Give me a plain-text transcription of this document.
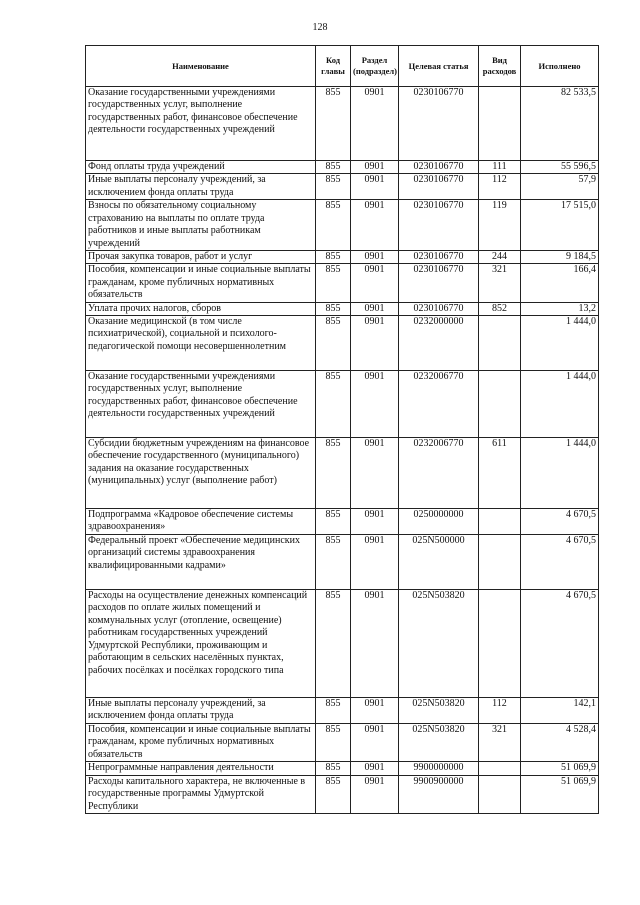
128
Наименование	Код главы	Раздел (подраздел)	Целевая статья	Вид расходов	Исполнено
Оказание государственными учреждениями государственных услуг, выполнение государственных работ, финансовое обеспечение деятельности государственных учреждений	855	0901	0230106770		82 533,5
Фонд оплаты труда учреждений	855	0901	0230106770	111	55 596,5
Иные выплаты персоналу учреждений, за исключением фонда оплаты труда	855	0901	0230106770	112	57,9
Взносы по обязательному социальному страхованию на выплаты по оплате труда работников и иные выплаты работникам учреждений	855	0901	0230106770	119	17 515,0
Прочая закупка товаров, работ и услуг	855	0901	0230106770	244	9 184,5
Пособия, компенсации и иные социальные выплаты гражданам, кроме публичных нормативных обязательств	855	0901	0230106770	321	166,4
Уплата прочих налогов, сборов	855	0901	0230106770	852	13,2
Оказание медицинской (в том числе психиатрической), социальной и психолого-педагогической помощи несовершеннолетним	855	0901	0232000000		1 444,0
Оказание государственными учреждениями государственных услуг, выполнение государственных работ, финансовое обеспечение деятельности государственных учреждений	855	0901	0232006770		1 444,0
Субсидии бюджетным учреждениям на финансовое обеспечение государственного (муниципального) задания на оказание государственных (муниципальных) услуг (выполнение работ)	855	0901	0232006770	611	1 444,0
Подпрограмма «Кадровое обеспечение системы здравоохранения»	855	0901	0250000000		4 670,5
Федеральный проект «Обеспечение медицинских организаций системы здравоохранения квалифицированными кадрами»	855	0901	025N500000		4 670,5
Расходы на осуществление денежных компенсаций расходов по оплате жилых помещений и коммунальных услуг (отопление, освещение) работникам государственных учреждений Удмуртской Республики, проживающим и работающим в сельских населённых пунктах, рабочих посёлках и посёлках городского типа	855	0901	025N503820		4 670,5
Иные выплаты персоналу учреждений, за исключением фонда оплаты труда	855	0901	025N503820	112	142,1
Пособия, компенсации и иные социальные выплаты гражданам, кроме публичных нормативных обязательств	855	0901	025N503820	321	4 528,4
Непрограммные направления деятельности	855	0901	9900000000		51 069,9
Расходы капитального характера, не включенные в государственные программы Удмуртской Республики	855	0901	9900900000		51 069,9
